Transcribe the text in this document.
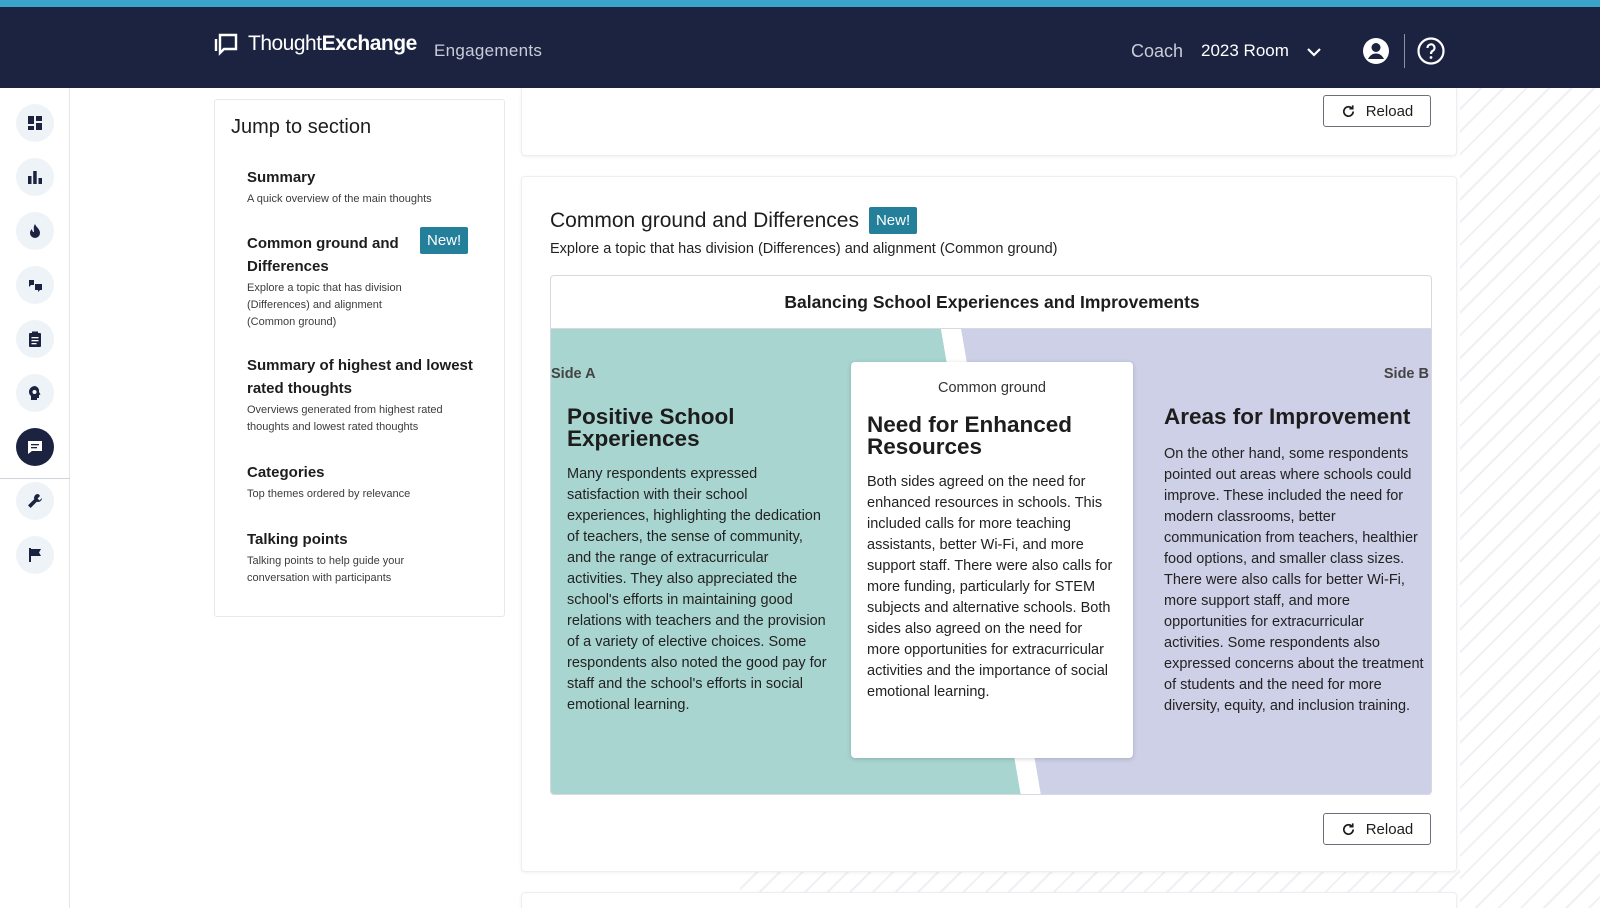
ThoughtExchange Engagements	Coach 2023 Room
Jump to section
Summary
A quick overview of the main thoughts
Common ground and Differences
Explore a topic that has division (Differences) and alignment (Common ground)
New!
Summary of highest and lowest rated thoughts
Overviews generated from highest rated thoughts and lowest rated thoughts
Categories
Top themes ordered by relevance
Talking points
Talking points to help guide your conversation with participants
Reload
Common ground and Differences	New!
Explore a topic that has division (Differences) and alignment (Common ground)
Balancing School Experiences and Improvements
Side A	Side B
Positive School Experiences
Many respondents expressed satisfaction with their school experiences, highlighting the dedication of teachers, the sense of community, and the range of extracurricular activities. They also appreciated the school's efforts in maintaining good relations with teachers and the provision of a variety of elective choices. Some respondents also noted the good pay for staff and the school's efforts in social emotional learning.
Common ground
Need for Enhanced Resources
Both sides agreed on the need for enhanced resources in schools. This included calls for more teaching assistants, better Wi-Fi, and more support staff. There were also calls for more funding, particularly for STEM subjects and alternative schools. Both sides also agreed on the need for more opportunities for extracurricular activities and the importance of social emotional learning.
Areas for Improvement
On the other hand, some respondents pointed out areas where schools could improve. These included the need for modern classrooms, better communication from teachers, healthier food options, and smaller class sizes. There were also calls for better Wi-Fi, more support staff, and more opportunities for extracurricular activities. Some respondents also expressed concerns about the treatment of students and the need for more diversity, equity, and inclusion training.
Reload
